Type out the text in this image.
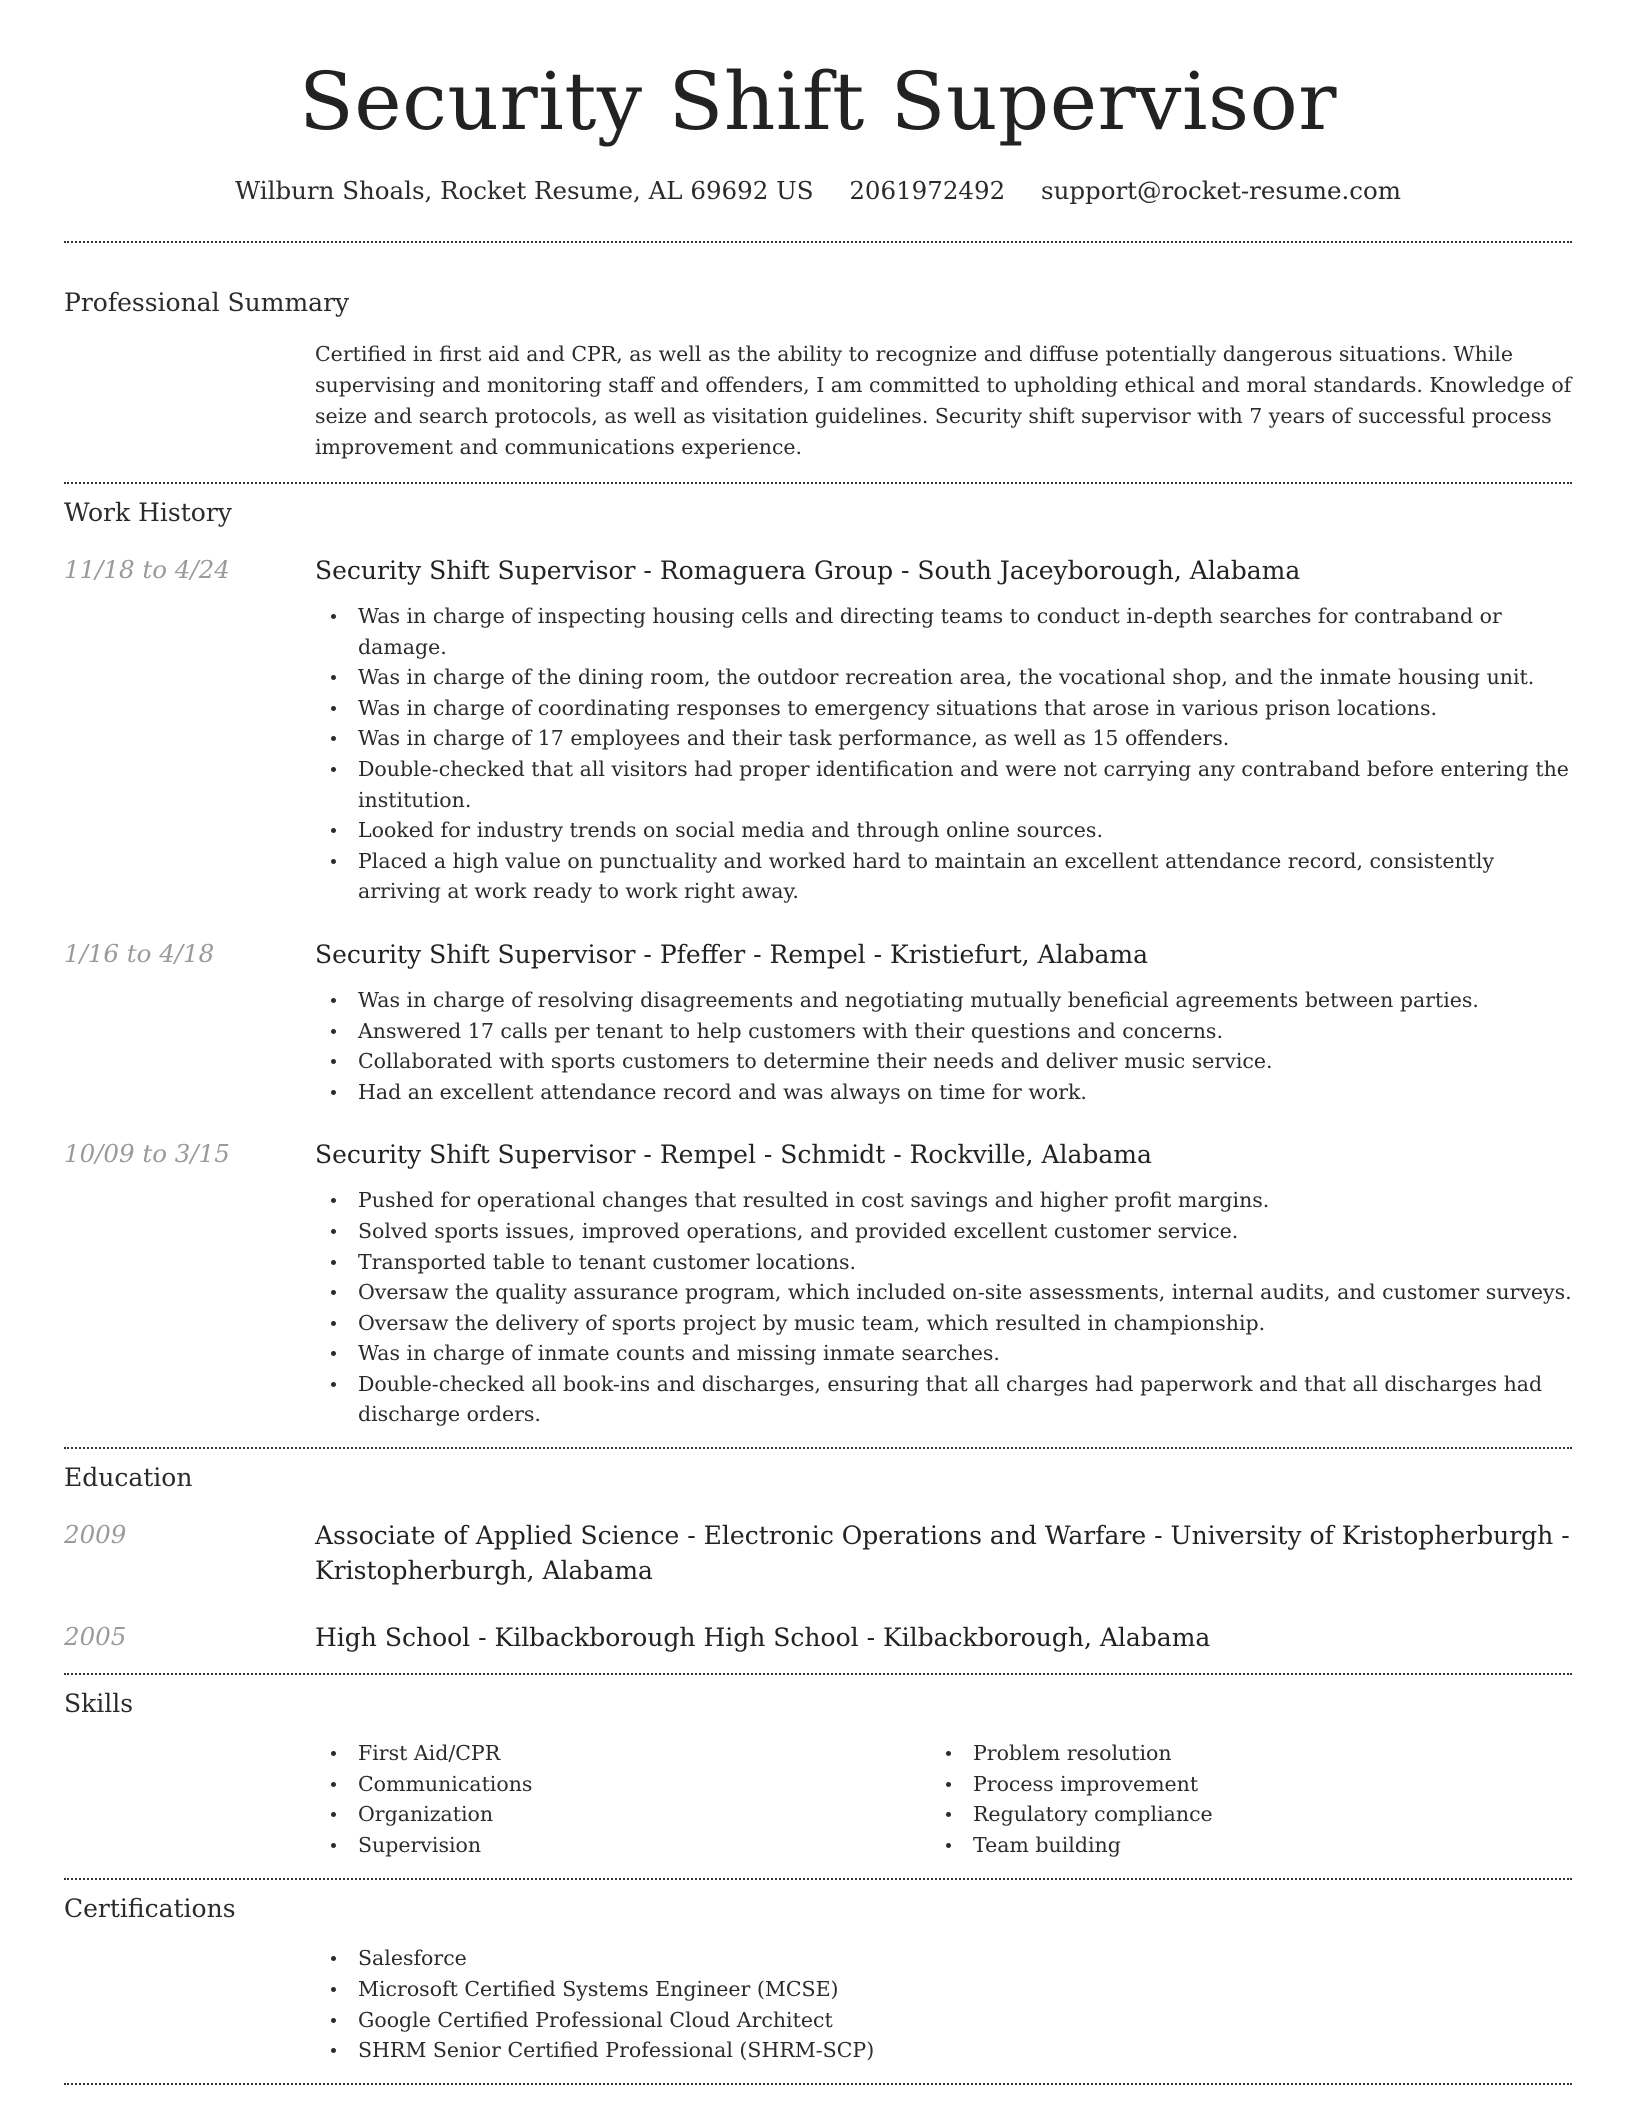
Security Shift Supervisor
Wilburn Shoals, Rocket Resume, AL 69692 US 2061972492 support@rocket-resume.com
Professional Summary
Certified in first aid and CPR, as well as the ability to recognize and diffuse potentially dangerous situations. While supervising and monitoring staff and offenders, I am committed to upholding ethical and moral standards. Knowledge of seize and search protocols, as well as visitation guidelines. Security shift supervisor with 7 years of successful process improvement and communications experience.
Work History
11/18 to 4/24	Security Shift Supervisor - Romaguera Group - South Jaceyborough, Alabama
Was in charge of inspecting housing cells and directing teams to conduct in-depth searches for contraband or damage.
Was in charge of the dining room, the outdoor recreation area, the vocational shop, and the inmate housing unit.
Was in charge of coordinating responses to emergency situations that arose in various prison locations.
Was in charge of 17 employees and their task performance, as well as 15 offenders.
Double-checked that all visitors had proper identification and were not carrying any contraband before entering the institution.
Looked for industry trends on social media and through online sources.
Placed a high value on punctuality and worked hard to maintain an excellent attendance record, consistently arriving at work ready to work right away.
1/16 to 4/18	Security Shift Supervisor - Pfeffer - Rempel - Kristiefurt, Alabama
Was in charge of resolving disagreements and negotiating mutually beneficial agreements between parties.
Answered 17 calls per tenant to help customers with their questions and concerns.
Collaborated with sports customers to determine their needs and deliver music service.
Had an excellent attendance record and was always on time for work.
10/09 to 3/15	Security Shift Supervisor - Rempel - Schmidt - Rockville, Alabama
Pushed for operational changes that resulted in cost savings and higher profit margins.
Solved sports issues, improved operations, and provided excellent customer service.
Transported table to tenant customer locations.
Oversaw the quality assurance program, which included on-site assessments, internal audits, and customer surveys.
Oversaw the delivery of sports project by music team, which resulted in championship.
Was in charge of inmate counts and missing inmate searches.
Double-checked all book-ins and discharges, ensuring that all charges had paperwork and that all discharges had discharge orders.
Education
2009	Associate of Applied Science - Electronic Operations and Warfare - University of Kristopherburgh - Kristopherburgh, Alabama
2005	High School - Kilbackborough High School - Kilbackborough, Alabama
Skills
First Aid/CPR
Communications
Organization
Supervision
Problem resolution
Process improvement
Regulatory compliance
Team building
Certifications
Salesforce
Microsoft Certified Systems Engineer (MCSE)
Google Certified Professional Cloud Architect
SHRM Senior Certified Professional (SHRM-SCP)
